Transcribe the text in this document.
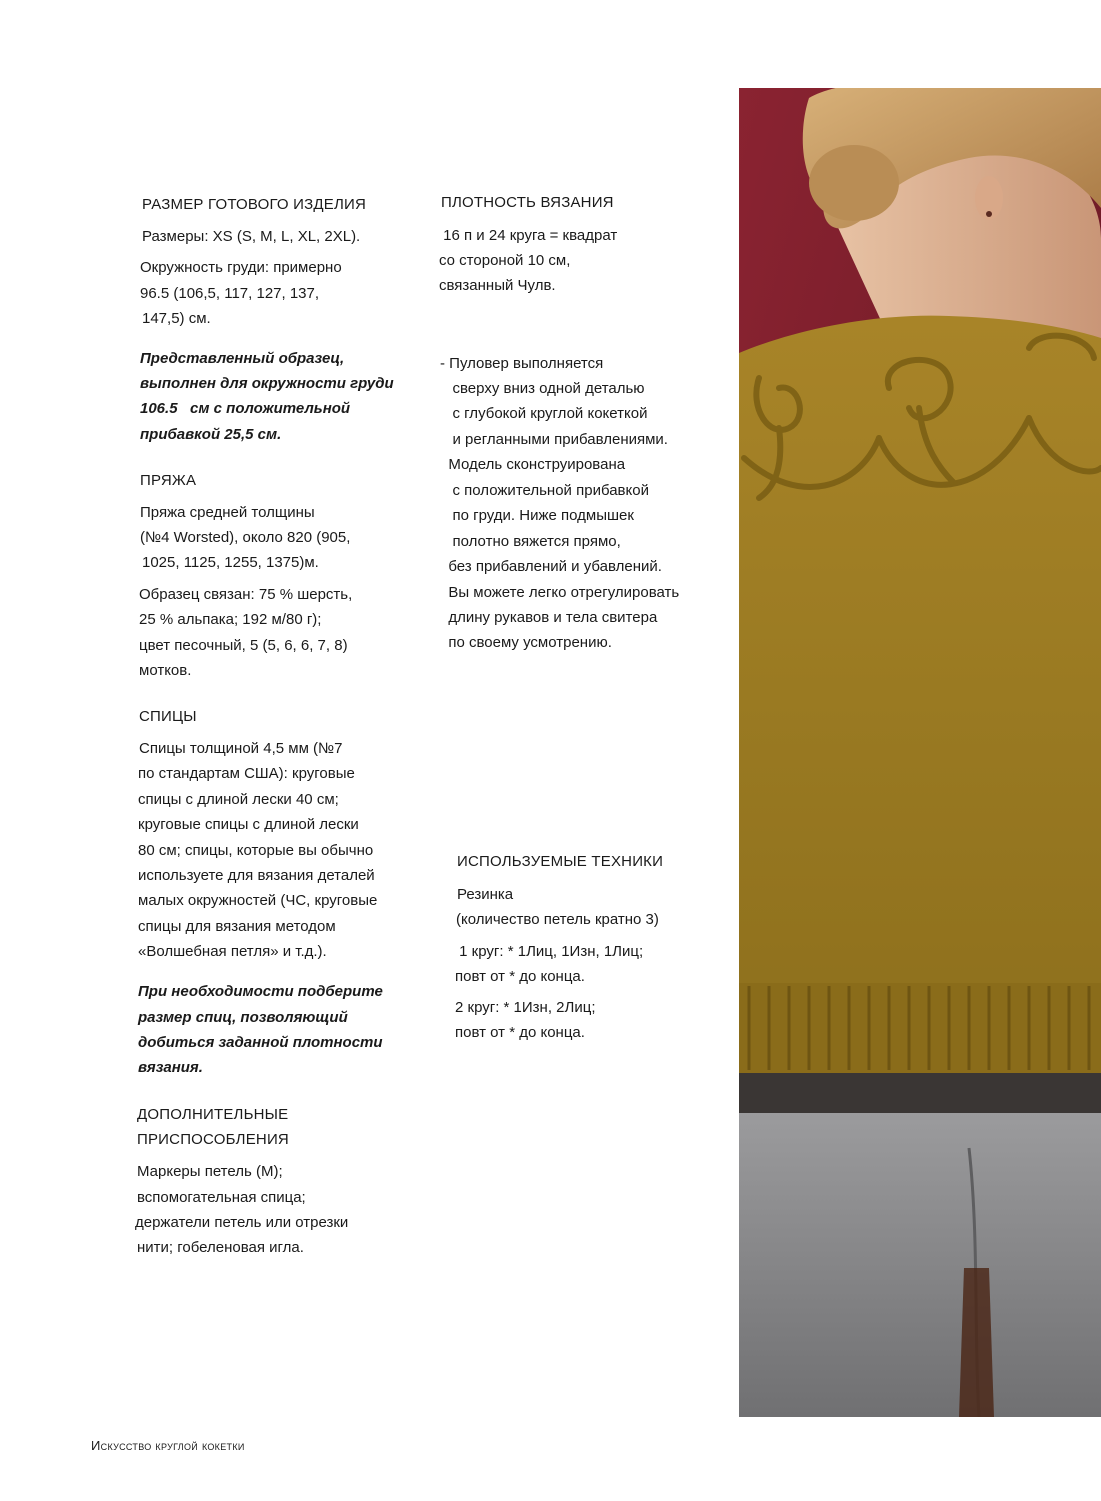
РАЗМЕР ГОТОВОГО ИЗДЕЛИЯ
Размеры: XS (S, M, L, XL, 2XL).
Окружность груди: примерно
96.5 (106,5, 117, 127, 137,
147,5) см.
Представленный образец,
выполнен для окружности груди
106.5   см с положительной
прибавкой 25,5 см.
ПРЯЖА
Пряжа средней толщины
(№4 Worsted), около 820 (905,
1025, 1125, 1255, 1375)м.
Образец связан: 75 % шерсть,
25 % альпака; 192 м/80 г);
цвет песочный, 5 (5, 6, 6, 7, 8)
мотков.
СПИЦЫ
Спицы толщиной 4,5 мм (№7
по стандартам США): круговые
спицы с длиной лески 40 см;
круговые спицы с длиной лески
80 см; спицы, которые вы обычно
используете для вязания деталей
малых окружностей (ЧС, круговые
спицы для вязания методом
«Волшебная петля» и т.д.).
При необходимости подберите
размер спиц, позволяющий
добиться заданной плотности
вязания.
ДОПОЛНИТЕЛЬНЫЕ
ПРИСПОСОБЛЕНИЯ
Маркеры петель (М);
вспомогательная спица;
держатели петель или отрезки
нити; гобеленовая игла.
ПЛОТНОСТЬ ВЯЗАНИЯ
16 п и 24 круга = квадрат
со стороной 10 см,
связанный Чулв.
- Пуловер выполняется
сверху вниз одной деталью
с глубокой круглой кокеткой
и регланными прибавлениями.
Модель сконструирована
с положительной прибавкой
по груди. Ниже подмышек
полотно вяжется прямо,
без прибавлений и убавлений.
Вы можете легко отрегулировать
длину рукавов и тела свитера
по своему усмотрению.
ИСПОЛЬЗУЕМЫЕ ТЕХНИКИ
Резинка
(количество петель кратно 3)
1 круг: * 1Лиц, 1Изн, 1Лиц;
повт от * до конца.
2 круг: * 1Изн, 2Лиц;
повт от * до конца.
Искусство круглой кокетки
